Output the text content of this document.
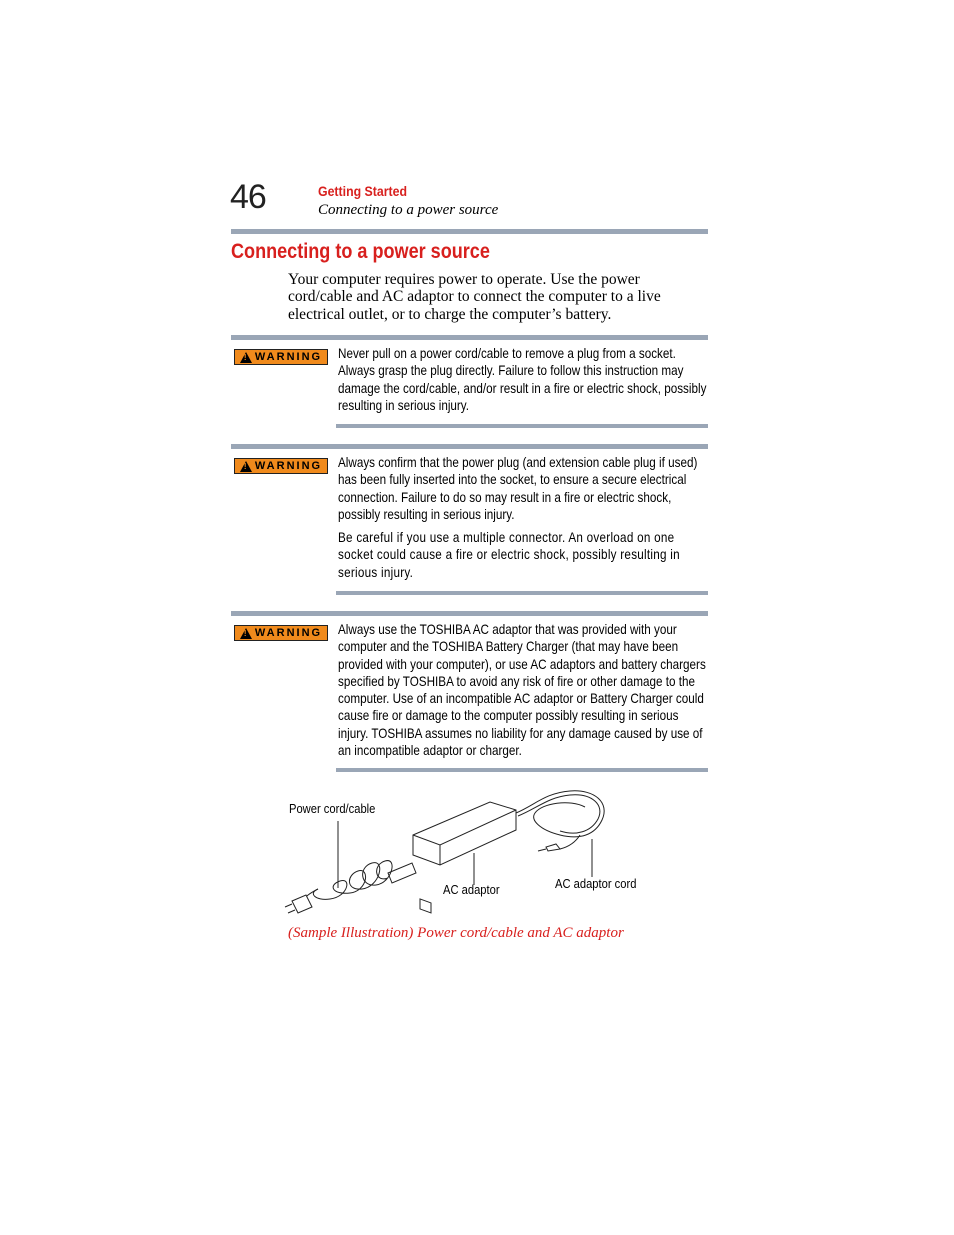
46	Getting Started
Connecting to a power source
Connecting to a power source
Your computer requires power to operate. Use the power cord/cable and AC adaptor to connect the computer to a live electrical outlet, or to charge the computer’s battery.
!
WARNING Never pull on a power cord/cable to remove a plug from a socket. Always grasp the plug directly. Failure to follow this instruction may damage the cord/cable, and/or result in a fire or electric shock, possibly resulting in serious injury.

!
WARNING Always confirm that the power plug (and extension cable plug if used) has been fully inserted into the socket, to ensure a secure electrical connection. Failure to do so may result in a fire or electric shock, possibly resulting in serious injury.

Be careful if you use a multiple connector. An overload on one socket could cause a fire or electric shock, possibly resulting in serious injury.

!
WARNING Always use the TOSHIBA AC adaptor that was provided with your computer and the TOSHIBA Battery Charger (that may have been provided with your computer), or use AC adaptors and battery chargers specified by TOSHIBA to avoid any risk of fire or other damage to the computer. Use of an incompatible AC adaptor or Battery Charger could cause fire or damage to the computer possibly resulting in serious injury. TOSHIBA assumes no liability for any damage caused by use of an incompatible adaptor or charger.

Power cord/cable
AC adaptor	AC adaptor cord
(Sample Illustration) Power cord/cable and AC adaptor
